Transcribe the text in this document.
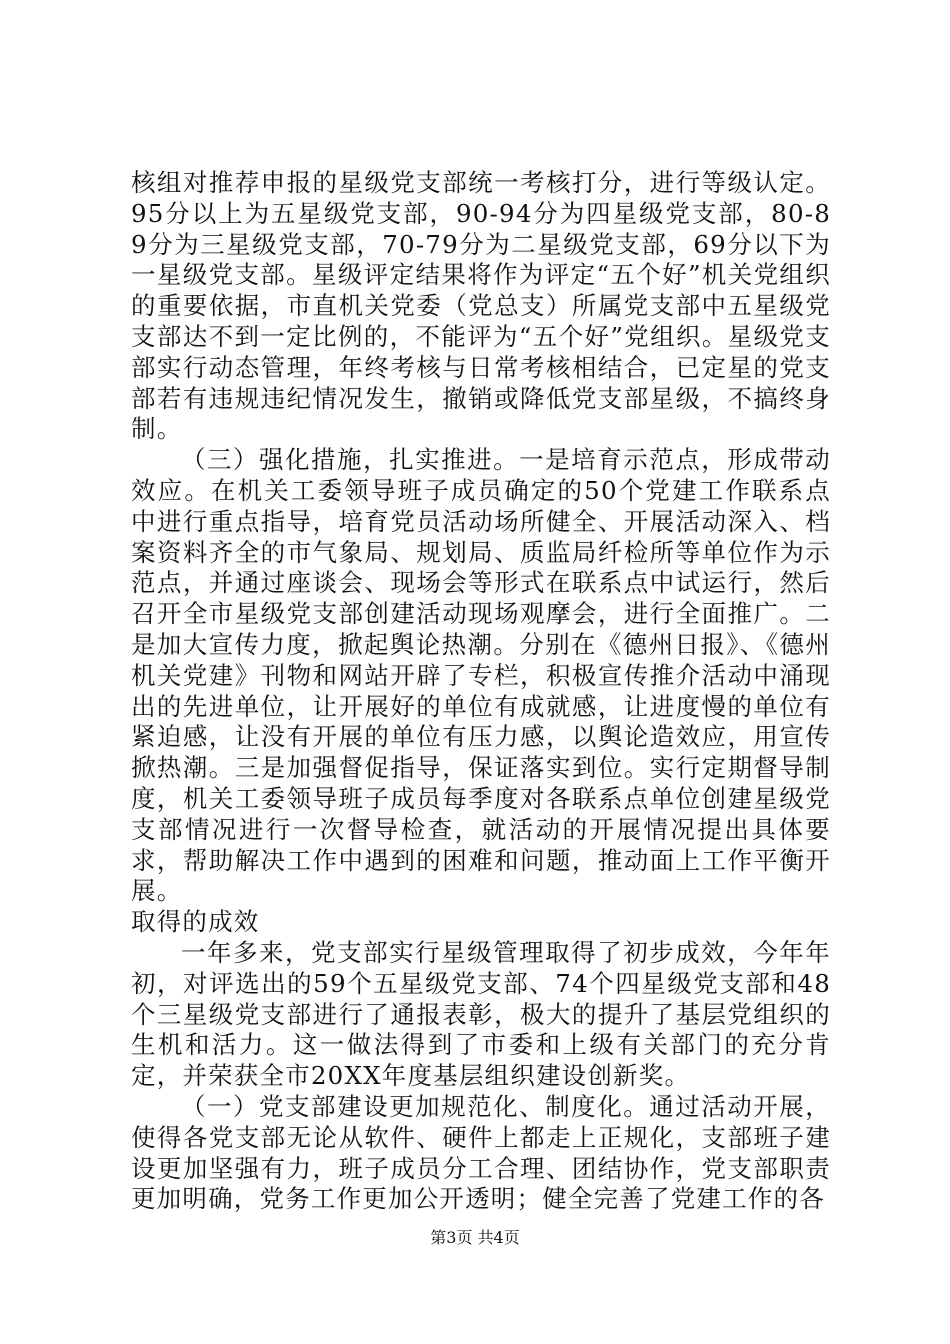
核组对推荐申报的星级党支部统一考核打分，进行等级认定。95分以上为五星级党支部，90-94分为四星级党支部，80-89分为三星级党支部，70-79分为二星级党支部，69分以下为一星级党支部。星级评定结果将作为评定“五个好”机关党组织的重要依据，市直机关党委（党总支）所属党支部中五星级党支部达不到一定比例的，不能评为“五个好”党组织。星级党支部实行动态管理，年终考核与日常考核相结合，已定星的党支部若有违规违纪情况发生，撤销或降低党支部星级，不搞终身制。

（三）强化措施，扎实推进。一是培育示范点，形成带动效应。在机关工委领导班子成员确定的50个党建工作联系点中进行重点指导，培育党员活动场所健全、开展活动深入、档案资料齐全的市气象局、规划局、质监局纤检所等单位作为示范点，并通过座谈会、现场会等形式在联系点中试运行，然后召开全市星级党支部创建活动现场观摩会，进行全面推广。二是加大宣传力度，掀起舆论热潮。分别在《德州日报》、《德州机关党建》刊物和网站开辟了专栏，积极宣传推介活动中涌现出的先进单位，让开展好的单位有成就感，让进度慢的单位有紧迫感，让没有开展的单位有压力感，以舆论造效应，用宣传掀热潮。三是加强督促指导，保证落实到位。实行定期督导制度，机关工委领导班子成员每季度对各联系点单位创建星级党支部情况进行一次督导检查，就活动的开展情况提出具体要求，帮助解决工作中遇到的困难和问题，推动面上工作平衡开展。

取得的成效

一年多来，党支部实行星级管理取得了初步成效，今年年初，对评选出的59个五星级党支部、74个四星级党支部和48个三星级党支部进行了通报表彰，极大的提升了基层党组织的生机和活力。这一做法得到了市委和上级有关部门的充分肯定，并荣获全市20XX年度基层组织建设创新奖。

（一）党支部建设更加规范化、制度化。通过活动开展，使得各党支部无论从软件、硬件上都走上正规化，支部班子建设更加坚强有力，班子成员分工合理、团结协作，党支部职责更加明确，党务工作更加公开透明；健全完善了党建工作的各

第3页 共4页
